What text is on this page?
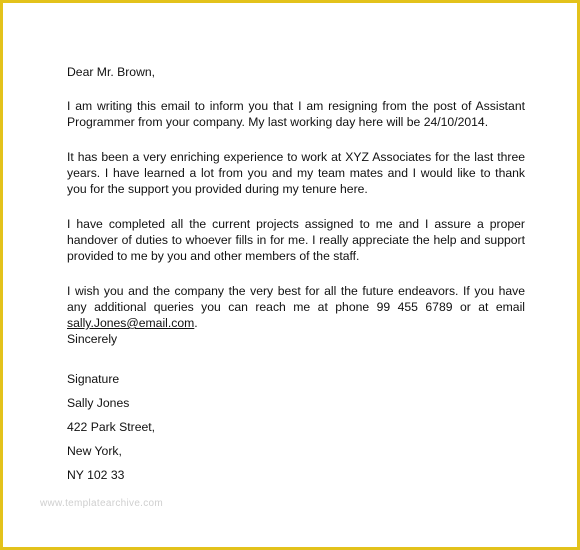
Dear Mr. Brown,

I am writing this email to inform you that I am resigning from the post of Assistant Programmer from your company. My last working day here will be 24/10/2014.

It has been a very enriching experience to work at XYZ Associates for the last three years. I have learned a lot from you and my team mates and I would like to thank you for the support you provided during my tenure here.

I have completed all the current projects assigned to me and I assure a proper handover of duties to whoever fills in for me. I really appreciate the help and support provided to me by you and other members of the staff.

I wish you and the company the very best for all the future endeavors. If you have any additional queries you can reach me at phone 99 455 6789 or at email sally.Jones@email.com.

Sincerely

Signature

Sally Jones

422 Park Street,

New York,

NY 102 33

www.templatearchive.com
